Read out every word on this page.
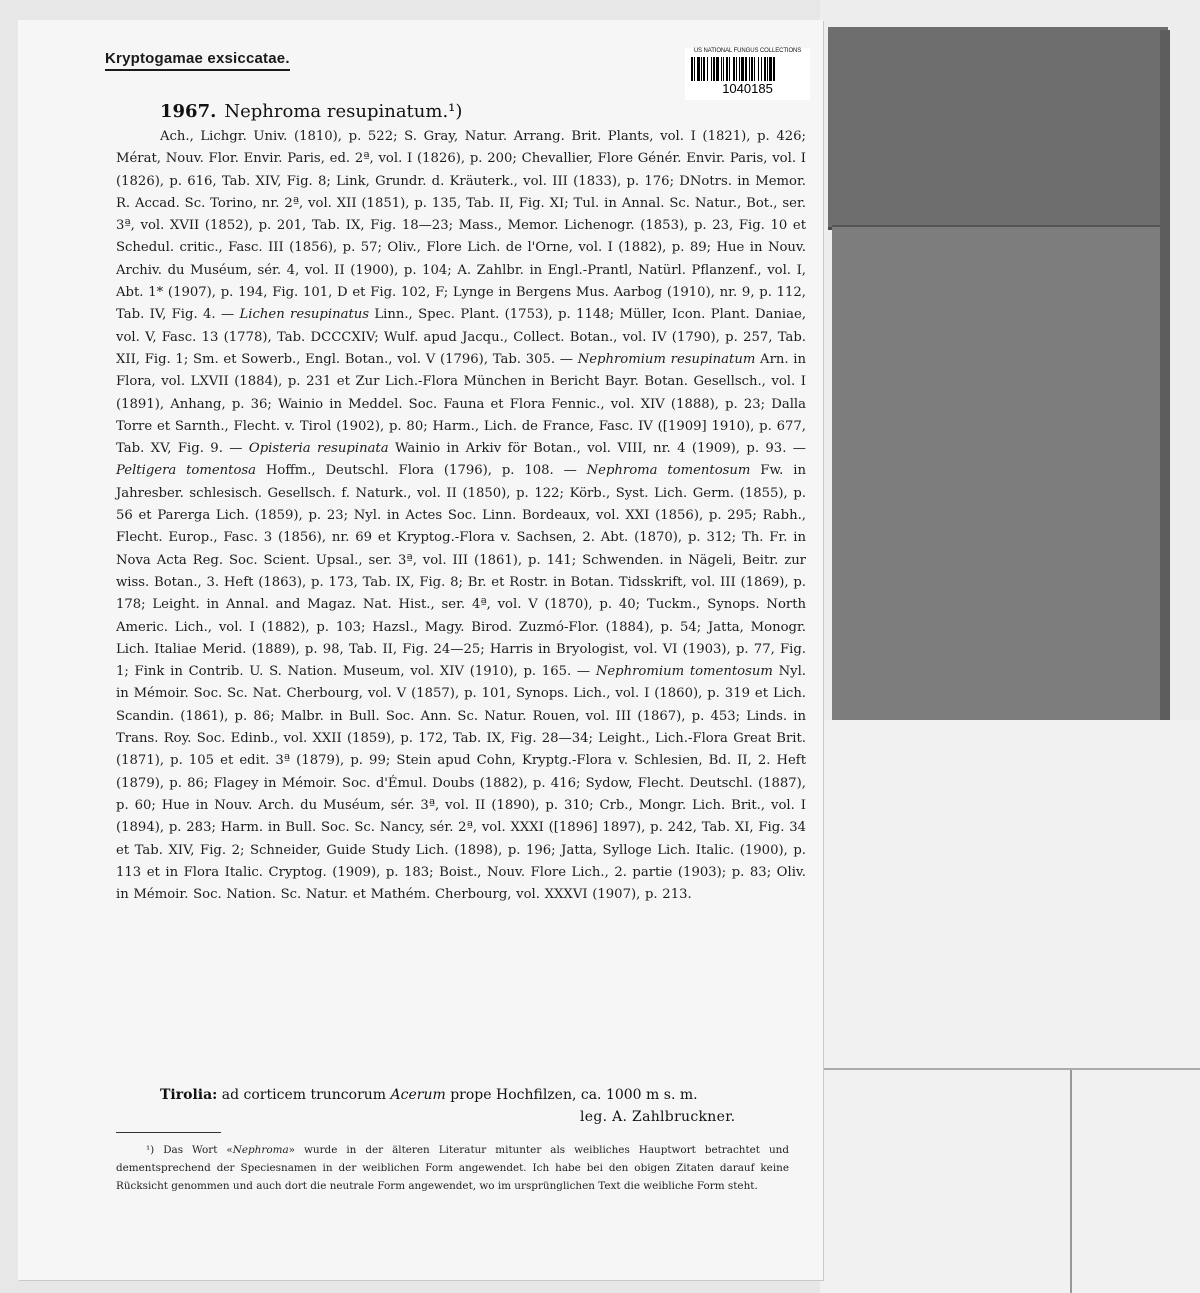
Kryptogamae exsiccatae.	US NATIONAL FUNGUS COLLECTIONS
1040185
1967. Nephroma resupinatum.¹)
Ach., Lichgr. Univ. (1810), p. 522; S. Gray, Natur. Arrang. Brit. Plants, vol. I (1821), p. 426; Mérat, Nouv. Flor. Envir. Paris, ed. 2ª, vol. I (1826), p. 200; Chevallier, Flore Génér. Envir. Paris, vol. I (1826), p. 616, Tab. XIV, Fig. 8; Link, Grundr. d. Kräuterk., vol. III (1833), p. 176; DNotrs. in Memor. R. Accad. Sc. Torino, nr. 2ª, vol. XII (1851), p. 135, Tab. II, Fig. XI; Tul. in Annal. Sc. Natur., Bot., ser. 3ª, vol. XVII (1852), p. 201, Tab. IX, Fig. 18—23; Mass., Memor. Lichenogr. (1853), p. 23, Fig. 10 et Schedul. critic., Fasc. III (1856), p. 57; Oliv., Flore Lich. de l'Orne, vol. I (1882), p. 89; Hue in Nouv. Archiv. du Muséum, sér. 4, vol. II (1900), p. 104; A. Zahlbr. in Engl.-Prantl, Natürl. Pflanzenf., vol. I, Abt. 1* (1907), p. 194, Fig. 101, D et Fig. 102, F; Lynge in Bergens Mus. Aarbog (1910), nr. 9, p. 112, Tab. IV, Fig. 4. — Lichen resupinatus Linn., Spec. Plant. (1753), p. 1148; Müller, Icon. Plant. Daniae, vol. V, Fasc. 13 (1778), Tab. DCCCXIV; Wulf. apud Jacqu., Collect. Botan., vol. IV (1790), p. 257, Tab. XII, Fig. 1; Sm. et Sowerb., Engl. Botan., vol. V (1796), Tab. 305. — Nephromium resupinatum Arn. in Flora, vol. LXVII (1884), p. 231 et Zur Lich.-Flora München in Bericht Bayr. Botan. Gesellsch., vol. I (1891), Anhang, p. 36; Wainio in Meddel. Soc. Fauna et Flora Fennic., vol. XIV (1888), p. 23; Dalla Torre et Sarnth., Flecht. v. Tirol (1902), p. 80; Harm., Lich. de France, Fasc. IV ([1909] 1910), p. 677, Tab. XV, Fig. 9. — Opisteria resupinata Wainio in Arkiv för Botan., vol. VIII, nr. 4 (1909), p. 93. — Peltigera tomentosa Hoffm., Deutschl. Flora (1796), p. 108. — Nephroma tomentosum Fw. in Jahresber. schlesisch. Gesellsch. f. Naturk., vol. II (1850), p. 122; Körb., Syst. Lich. Germ. (1855), p. 56 et Parerga Lich. (1859), p. 23; Nyl. in Actes Soc. Linn. Bordeaux, vol. XXI (1856), p. 295; Rabh., Flecht. Europ., Fasc. 3 (1856), nr. 69 et Kryptog.-Flora v. Sachsen, 2. Abt. (1870), p. 312; Th. Fr. in Nova Acta Reg. Soc. Scient. Upsal., ser. 3ª, vol. III (1861), p. 141; Schwenden. in Nägeli, Beitr. zur wiss. Botan., 3. Heft (1863), p. 173, Tab. IX, Fig. 8; Br. et Rostr. in Botan. Tidsskrift, vol. III (1869), p. 178; Leight. in Annal. and Magaz. Nat. Hist., ser. 4ª, vol. V (1870), p. 40; Tuckm., Synops. North Americ. Lich., vol. I (1882), p. 103; Hazsl., Magy. Birod. Zuzmó-Flor. (1884), p. 54; Jatta, Monogr. Lich. Italiae Merid. (1889), p. 98, Tab. II, Fig. 24—25; Harris in Bryologist, vol. VI (1903), p. 77, Fig. 1; Fink in Contrib. U. S. Nation. Museum, vol. XIV (1910), p. 165. — Nephromium tomentosum Nyl. in Mémoir. Soc. Sc. Nat. Cherbourg, vol. V (1857), p. 101, Synops. Lich., vol. I (1860), p. 319 et Lich. Scandin. (1861), p. 86; Malbr. in Bull. Soc. Ann. Sc. Natur. Rouen, vol. III (1867), p. 453; Linds. in Trans. Roy. Soc. Edinb., vol. XXII (1859), p. 172, Tab. IX, Fig. 28—34; Leight., Lich.-Flora Great Brit. (1871), p. 105 et edit. 3ª (1879), p. 99; Stein apud Cohn, Kryptg.-Flora v. Schlesien, Bd. II, 2. Heft (1879), p. 86; Flagey in Mémoir. Soc. d'Émul. Doubs (1882), p. 416; Sydow, Flecht. Deutschl. (1887), p. 60; Hue in Nouv. Arch. du Muséum, sér. 3ª, vol. II (1890), p. 310; Crb., Mongr. Lich. Brit., vol. I (1894), p. 283; Harm. in Bull. Soc. Sc. Nancy, sér. 2ª, vol. XXXI ([1896] 1897), p. 242, Tab. XI, Fig. 34 et Tab. XIV, Fig. 2; Schneider, Guide Study Lich. (1898), p. 196; Jatta, Sylloge Lich. Italic. (1900), p. 113 et in Flora Italic. Cryptog. (1909), p. 183; Boist., Nouv. Flore Lich., 2. partie (1903); p. 83; Oliv. in Mémoir. Soc. Nation. Sc. Natur. et Mathém. Cherbourg, vol. XXXVI (1907), p. 213.
Tirolia: ad corticem truncorum Acerum prope Hochfilzen, ca. 1000 m s. m.
leg. A. Zahlbruckner.
¹) Das Wort «Nephroma» wurde in der älteren Literatur mitunter als weibliches Hauptwort betrachtet und dementsprechend der Speciesnamen in der weiblichen Form angewendet. Ich habe bei den obigen Zitaten darauf keine Rücksicht genommen und auch dort die neutrale Form angewendet, wo im ursprünglichen Text die weibliche Form steht.
